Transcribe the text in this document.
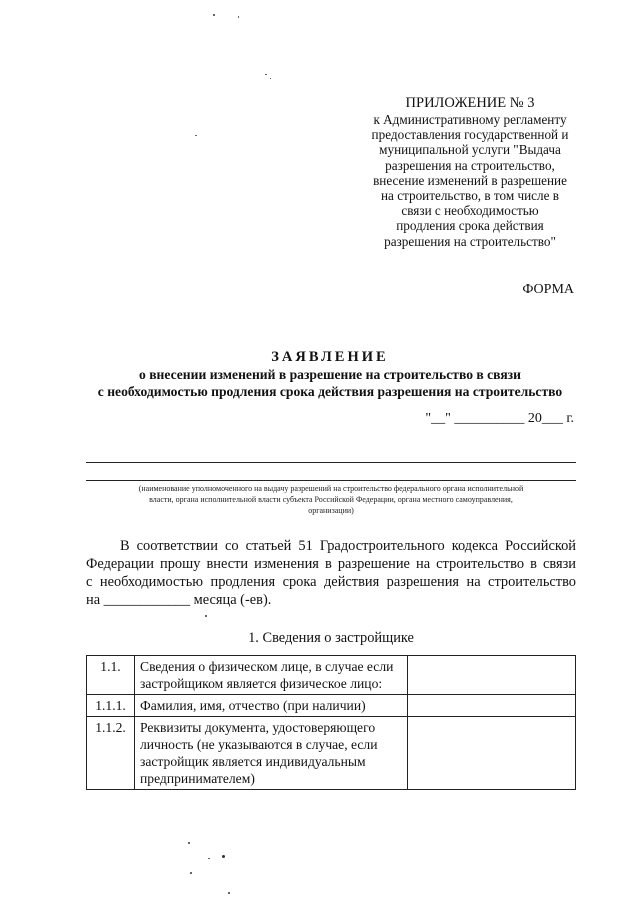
ПРИЛОЖЕНИЕ № 3
к Административному регламенту
предоставления государственной и
муниципальной услуги "Выдача
разрешения на строительство,
внесение изменений в разрешение
на строительство, в том числе в
связи с необходимостью
продления срока действия
разрешения на строительство"
ФОРМА
ЗАЯВЛЕНИЕ
о внесении изменений в разрешение на строительство в связи
с необходимостью продления срока действия разрешения на строительство
"__" __________ 20___ г.
(наименование уполномоченного на выдачу разрешений на строительство федерального органа исполнительной
власти, органа исполнительной власти субъекта Российской Федерации, органа местного самоуправления,
организации)
В соответствии со статьей 51 Градостроительного кодекса Российской
Федерации прошу внести изменения в разрешение на строительство в связи
с необходимостью продления срока действия разрешения на строительство
на ____________ месяца (-ев).
1. Сведения о застройщике
1.1.	Сведения о физическом лице, в случае если
застройщиком является физическое лицо:	

1.1.1.	Фамилия, имя, отчество (при наличии)	

1.1.2.	Реквизиты документа, удостоверяющего
личность (не указываются в случае, если
застройщик является индивидуальным
предпринимателем)	
